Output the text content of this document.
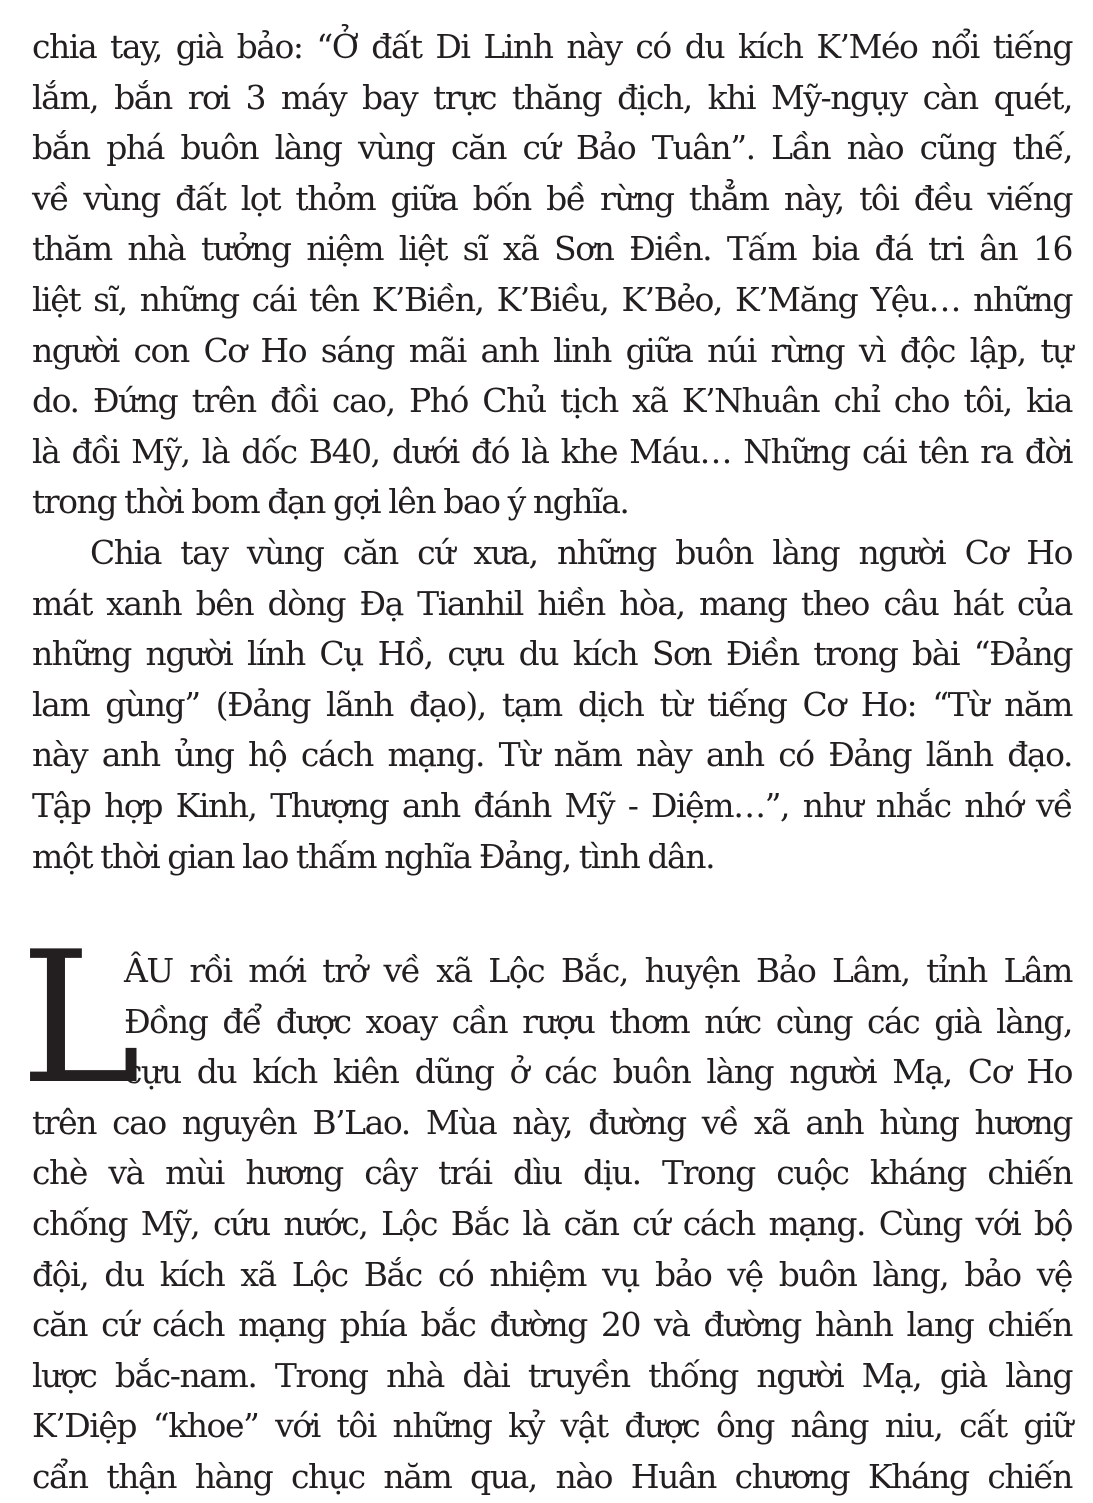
chia tay, già bảo: “Ở đất Di Linh này có du kích K’Méo nổi tiếng
lắm, bắn rơi 3 máy bay trực thăng địch, khi Mỹ-ngụy càn quét,
bắn phá buôn làng vùng căn cứ Bảo Tuân”. Lần nào cũng thế,
về vùng đất lọt thỏm giữa bốn bề rừng thẳm này, tôi đều viếng
thăm nhà tưởng niệm liệt sĩ xã Sơn Điền. Tấm bia đá tri ân 16
liệt sĩ, những cái tên K’Biền, K’Biều, K’Bẻo, K’Măng Yệu… những
người con Cơ Ho sáng mãi anh linh giữa núi rừng vì độc lập, tự
do. Đứng trên đồi cao, Phó Chủ tịch xã K’Nhuân chỉ cho tôi, kia
là đồi Mỹ, là dốc B40, dưới đó là khe Máu… Những cái tên ra đời
trong thời bom đạn gợi lên bao ý nghĩa.
Chia tay vùng căn cứ xưa, những buôn làng người Cơ Ho
mát xanh bên dòng Đạ Tianhil hiền hòa, mang theo câu hát của
những người lính Cụ Hồ, cựu du kích Sơn Điền trong bài “Đảng
lam gùng” (Đảng lãnh đạo), tạm dịch từ tiếng Cơ Ho: “Từ năm
này anh ủng hộ cách mạng. Từ năm này anh có Đảng lãnh đạo.
Tập hợp Kinh, Thượng anh đánh Mỹ - Diệm…”, như nhắc nhớ về
một thời gian lao thấm nghĩa Đảng, tình dân.
L
ÂU rồi mới trở về xã Lộc Bắc, huyện Bảo Lâm, tỉnh Lâm
Đồng để được xoay cần rượu thơm nức cùng các già làng,
cựu du kích kiên dũng ở các buôn làng người Mạ, Cơ Ho
trên cao nguyên B’Lao. Mùa này, đường về xã anh hùng hương
chè và mùi hương cây trái dìu dịu. Trong cuộc kháng chiến
chống Mỹ, cứu nước, Lộc Bắc là căn cứ cách mạng. Cùng với bộ
đội, du kích xã Lộc Bắc có nhiệm vụ bảo vệ buôn làng, bảo vệ
căn cứ cách mạng phía bắc đường 20 và đường hành lang chiến
lược bắc-nam. Trong nhà dài truyền thống người Mạ, già làng
K’Diệp “khoe” với tôi những kỷ vật được ông nâng niu, cất giữ
cẩn thận hàng chục năm qua, nào Huân chương Kháng chiến
